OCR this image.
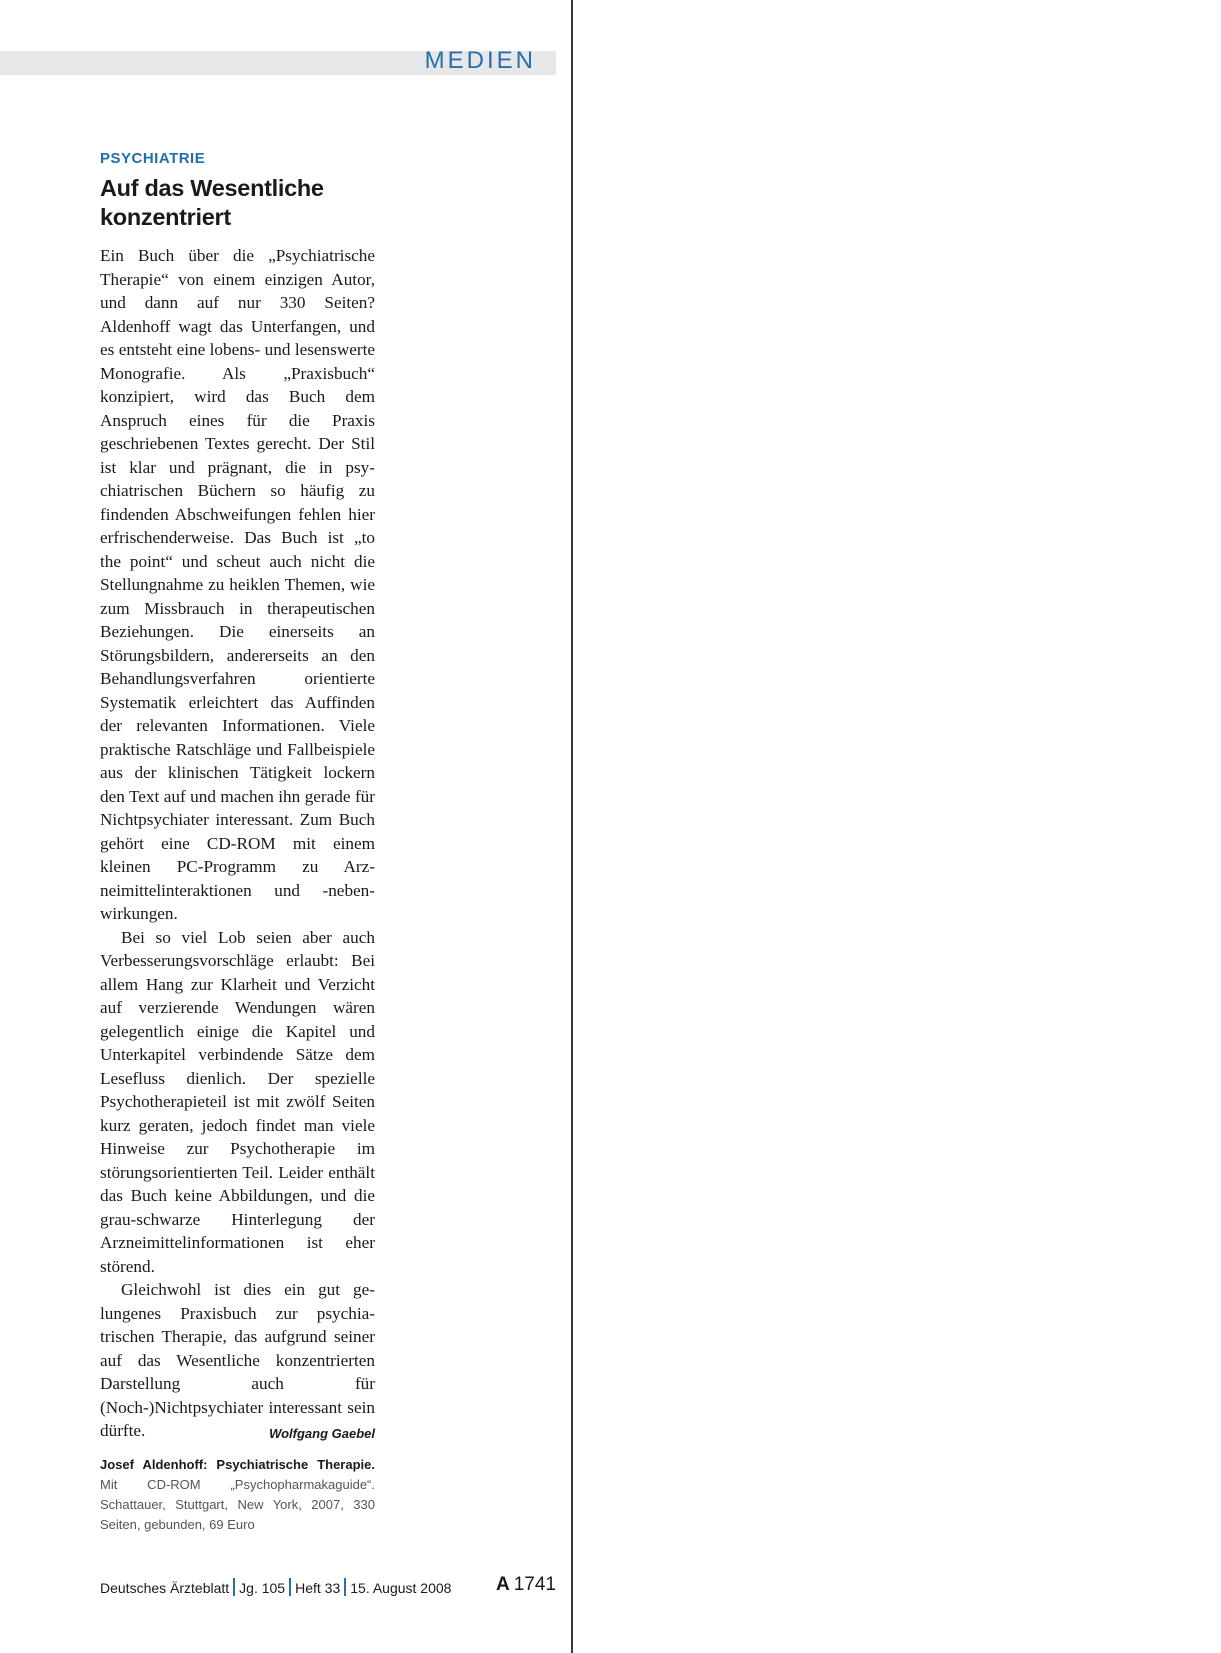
MEDIEN
PSYCHIATRIE
Auf das Wesentliche
konzentriert

Ein Buch über die „Psychiatrische Therapie“ von einem einzigen Autor, und dann auf nur 330 Seiten? Aldenhoff wagt das Unterfangen, und es entsteht eine lobens- und lesenswerte Monografie. Als „Praxisbuch“ konzipiert, wird das Buch dem Anspruch eines für die Praxis geschriebenen Textes gerecht. Der Stil ist klar und prägnant, die in psychiatrischen Büchern so häufig zu findenden Abschweifungen fehlen hier erfrischenderweise. Das Buch ist „to the point“ und scheut auch nicht die Stellungnahme zu heiklen Themen, wie zum Missbrauch in therapeutischen Beziehungen. Die einerseits an Störungsbildern, andererseits an den Behandlungsverfahren orientierte Systematik erleichtert das Auffinden der relevanten Informationen. Viele praktische Ratschläge und Fallbeispiele aus der klinischen Tätigkeit lockern den Text auf und machen ihn gerade für Nichtpsychiater interessant. Zum Buch gehört eine CD-ROM mit einem kleinen PC-Programm zu Arzneimittelinteraktionen und -nebenwirkungen.

Bei so viel Lob seien aber auch Verbesserungsvorschläge erlaubt: Bei allem Hang zur Klarheit und Verzicht auf verzierende Wendungen wären gelegentlich einige die Kapitel und Unterkapitel verbindende Sätze dem Lesefluss dienlich. Der spezielle Psychotherapieteil ist mit zwölf Seiten kurz geraten, jedoch findet man viele Hinweise zur Psychotherapie im störungsorientierten Teil. Leider enthält das Buch keine Abbildungen, und die grau-schwarze Hinterlegung der Arzneimittelinformationen ist eher störend.

Gleichwohl ist dies ein gut gelungenes Praxisbuch zur psychiatrischen Therapie, das aufgrund seiner auf das Wesentliche konzentrierten Darstellung auch für (Noch-)Nichtpsychiater interessant sein dürfte.	Wolfgang Gaebel

Josef Aldenhoff: Psychiatrische Therapie. Mit CD-ROM „Psychopharmakaguide“. Schattauer, Stuttgart, New York, 2007, 330 Seiten, gebunden, 69 Euro
Deutsches Ärzteblatt Jg. 105 Heft 33 15. August 2008 A 1741
